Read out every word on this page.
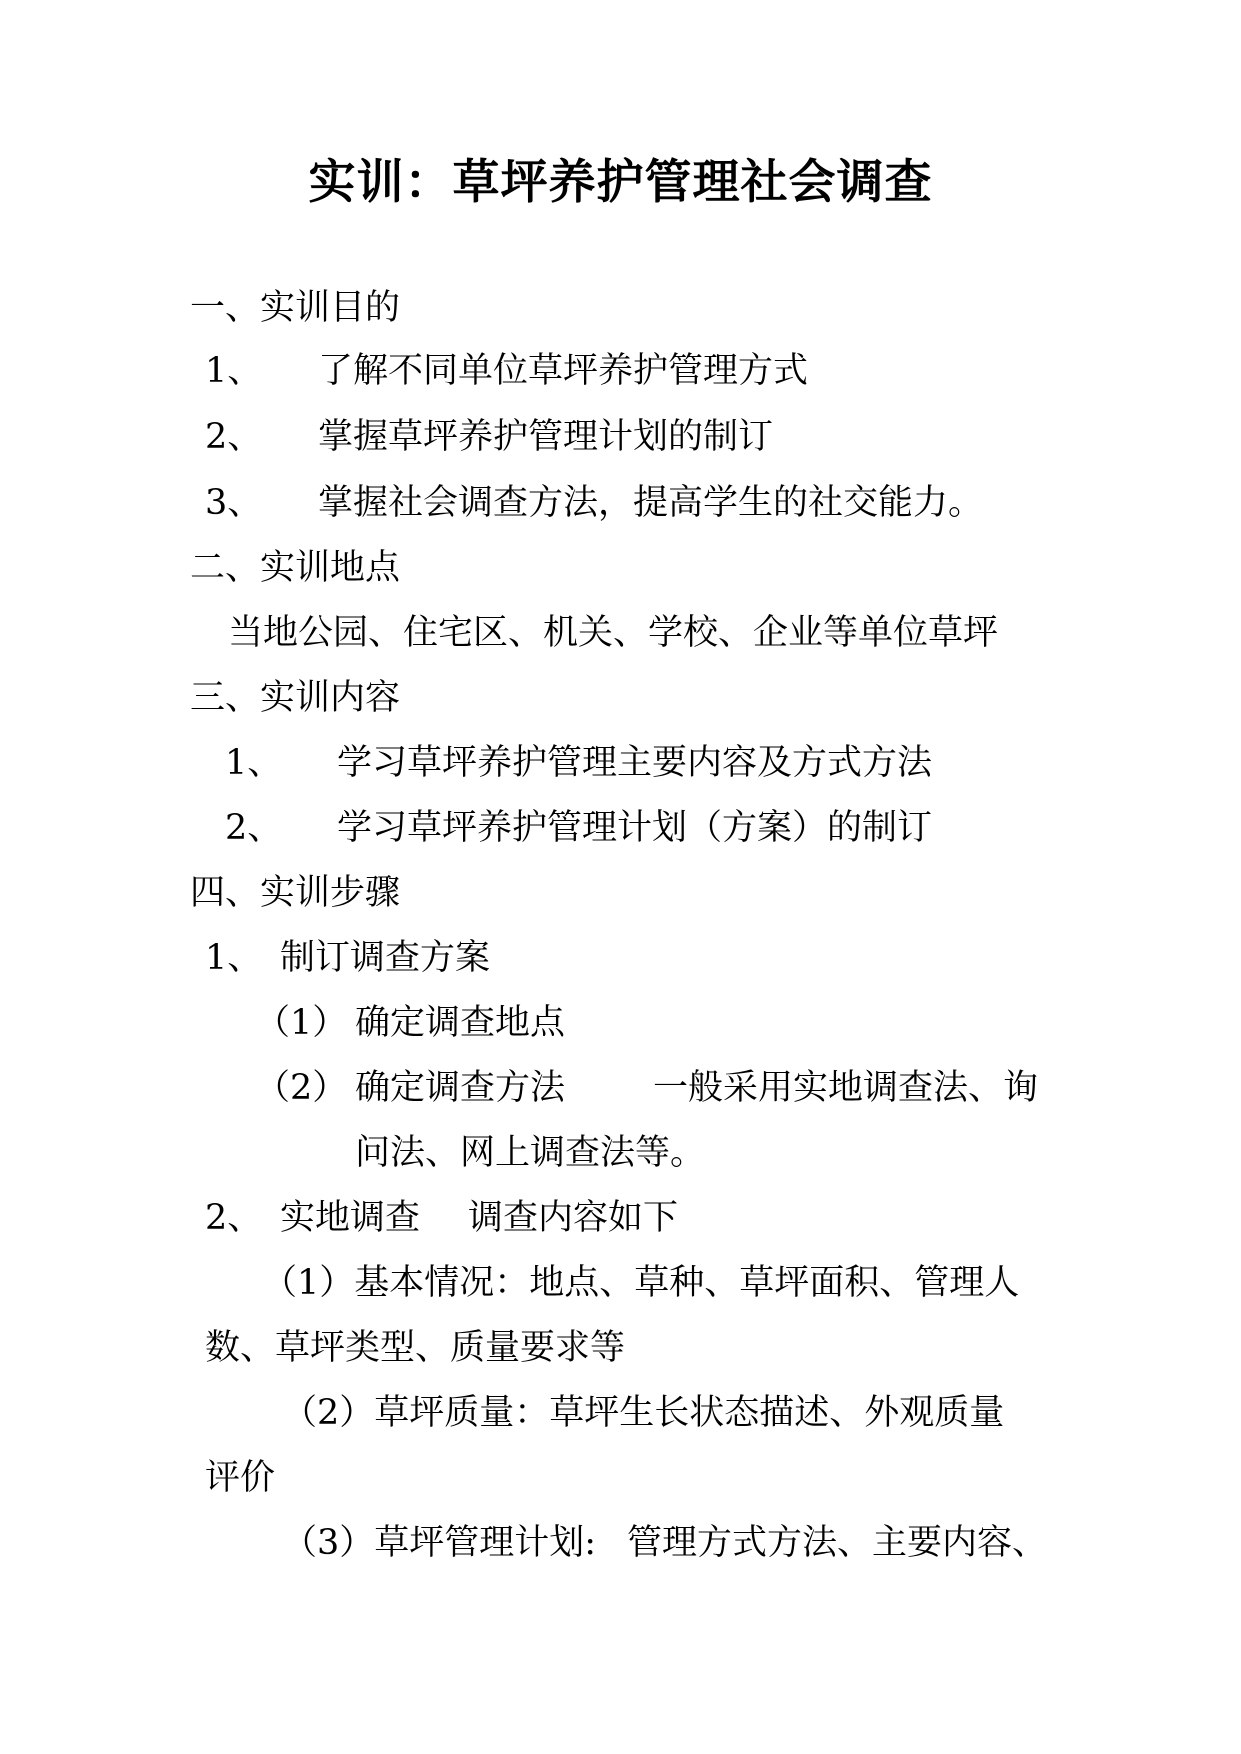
实训：草坪养护管理社会调查
一、实训目的
1、 了解不同单位草坪养护管理方式
2、 掌握草坪养护管理计划的制订
3、 掌握社会调查方法，提高学生的社交能力。
二、实训地点
当地公园、住宅区、机关、学校、企业等单位草坪
三、实训内容
1、 学习草坪养护管理主要内容及方式方法
2、 学习草坪养护管理计划（方案）的制订
四、实训步骤
1、 制订调查方案
（1） 确定调查地点
（2） 确定调查方法	一般采用实地调查法、询
问法、网上调查法等。
2、 实地调查 调查内容如下
（1）基本情况：地点、草种、草坪面积、管理人
数、草坪类型、质量要求等
（2）草坪质量：草坪生长状态描述、外观质量
评价
（3）草坪管理计划: 管理方式方法、主要内容、
